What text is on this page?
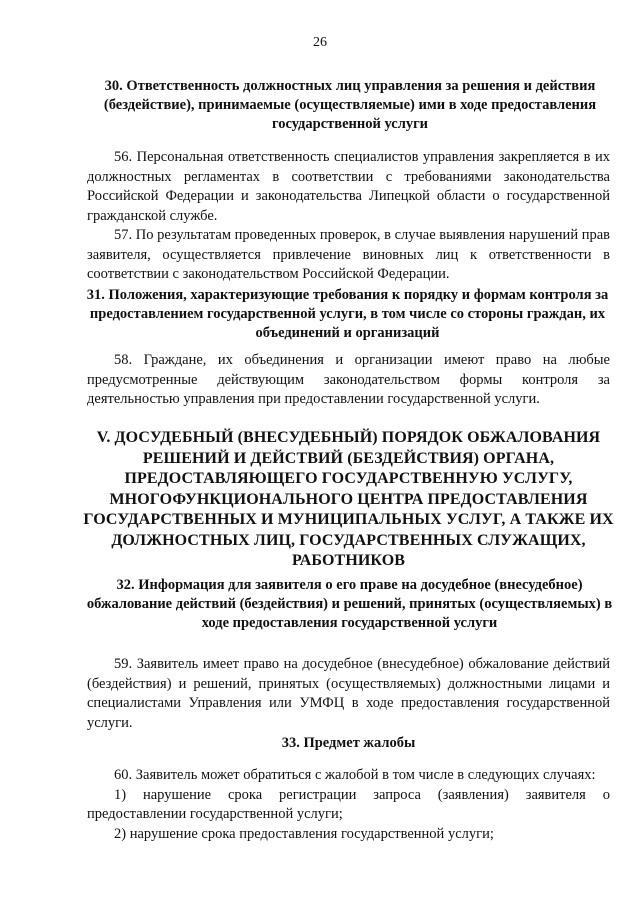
26

30. Ответственность должностных лиц управления за решения и действия (бездействие), принимаемые (осуществляемые) ими в ходе предоставления государственной услуги

56. Персональная ответственность специалистов управления закрепляется в их должностных регламентах в соответствии с требованиями законодательства Российской Федерации и законодательства Липецкой области о государственной гражданской службе.

57. По результатам проведенных проверок, в случае выявления нарушений прав заявителя, осуществляется привлечение виновных лиц к ответственности в соответствии с законодательством Российской Федерации.

31. Положения, характеризующие требования к порядку и формам контроля за предоставлением государственной услуги, в том числе со стороны граждан, их объединений и организаций

58. Граждане, их объединения и организации имеют право на любые предусмотренные действующим законодательством формы контроля за деятельностью управления при предоставлении государственной услуги.

V. ДОСУДЕБНЫЙ (ВНЕСУДЕБНЫЙ) ПОРЯДОК ОБЖАЛОВАНИЯ РЕШЕНИЙ И ДЕЙСТВИЙ (БЕЗДЕЙСТВИЯ) ОРГАНА, ПРЕДОСТАВЛЯЮЩЕГО ГОСУДАРСТВЕННУЮ УСЛУГУ, МНОГОФУНКЦИОНАЛЬНОГО ЦЕНТРА ПРЕДОСТАВЛЕНИЯ ГОСУДАРСТВЕННЫХ И МУНИЦИПАЛЬНЫХ УСЛУГ, А ТАКЖЕ ИХ ДОЛЖНОСТНЫХ ЛИЦ, ГОСУДАРСТВЕННЫХ СЛУЖАЩИХ, РАБОТНИКОВ

32. Информация для заявителя о его праве на досудебное (внесудебное) обжалование действий (бездействия) и решений, принятых (осуществляемых) в ходе предоставления государственной услуги

59. Заявитель имеет право на досудебное (внесудебное) обжалование действий (бездействия) и решений, принятых (осуществляемых) должностными лицами и специалистами Управления или УМФЦ в ходе предоставления государственной услуги.

33. Предмет жалобы

60. Заявитель может обратиться с жалобой в том числе в следующих случаях:

1) нарушение срока регистрации запроса (заявления) заявителя о предоставлении государственной услуги;

2) нарушение срока предоставления государственной услуги;
